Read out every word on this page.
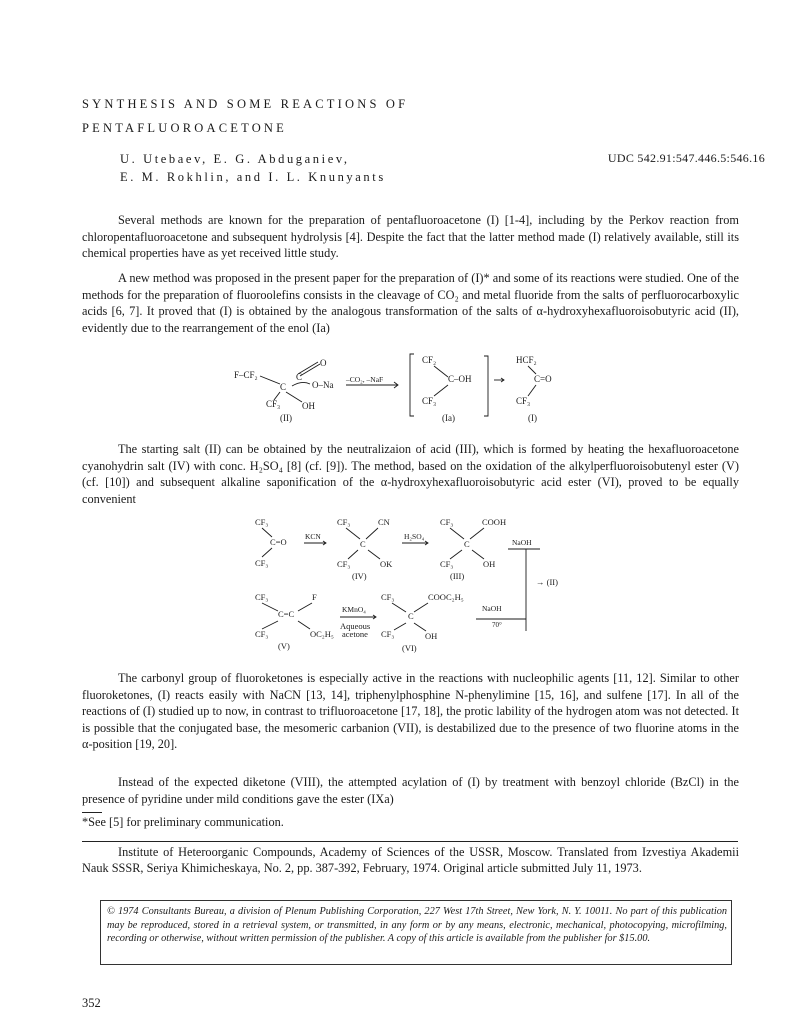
SYNTHESIS AND SOME REACTIONS OF
PENTAFLUOROACETONE
U. Utebaev, E. G. Abduganiev,
E. M. Rokhlin, and I. L. Knunyants
UDC 542.91:547.446.5:546.16

Several methods are known for the preparation of pentafluoroacetone (I) [1-4], including by the Perkov reaction from chloropentafluoroacetone and subsequent hydrolysis [4]. Despite the fact that the latter method made (I) relatively available, still its chemical properties have as yet received little study.

A new method was proposed in the present paper for the preparation of (I)* and some of its reactions were studied. One of the methods for the preparation of fluoroolefins consists in the cleavage of CO₂ and metal fluoride from the salts of perfluorocarboxylic acids [6, 7]. It proved that (I) is obtained by the analogous transformation of the salts of α-hydroxyhexafluoroisobutyric acid (II), evidently due to the rearrangement of the enol (Ia)

F–CF₂
O
C
C	O–Na
CF₃ OH
(II)
–CO₂, –NaF
CF₂
C–OH
CF₃
(Ia)
HCF₂
C=O
CF₃
(I)

The starting salt (II) can be obtained by the neutralizaion of acid (III), which is formed by heating the hexafluoroacetone cyanohydrin salt (IV) with conc. H₂SO₄ [8] (cf. [9]). The method, based on the oxidation of the alkylperfluoroisobutenyl ester (V) (cf. [10]) and subsequent alkaline saponification of the α-hydroxyhexafluoroisobutyric acid ester (VI), proved to be equally convenient

CF₃
C=O
CF₃
KCN
CF₃	CN
C
CF₃	OK
(IV)
H₂SO₄
CF₃	COOH
C
CF₃	OH
(III)
NaOH
→ (II)
CF₃	F
C=C
CF₃	OC₂H₅
(V)
KMnO₄
Aqueous
acetone
CF₃	COOC₂H₅
C
CF₃	OH
(VI)
NaOH
70°

The carbonyl group of fluoroketones is especially active in the reactions with nucleophilic agents [11, 12]. Similar to other fluoroketones, (I) reacts easily with NaCN [13, 14], triphenylphosphine N-phenylimine [15, 16], and sulfene [17]. In all of the reactions of (I) studied up to now, in contrast to trifluoroacetone [17, 18], the protic lability of the hydrogen atom was not detected. It is possible that the conjugated base, the mesomeric carbanion (VII), is destabilized due to the presence of two fluorine atoms in the α-position [19, 20].

Instead of the expected diketone (VIII), the attempted acylation of (I) by treatment with benzoyl chloride (BzCl) in the presence of pyridine under mild conditions gave the ester (IXa)

*See [5] for preliminary communication.

Institute of Heteroorganic Compounds, Academy of Sciences of the USSR, Moscow. Translated from Izvestiya Akademii Nauk SSSR, Seriya Khimicheskaya, No. 2, pp. 387-392, February, 1974. Original article submitted July 11, 1973.

© 1974 Consultants Bureau, a division of Plenum Publishing Corporation, 227 West 17th Street, New York, N. Y. 10011. No part of this publication may be reproduced, stored in a retrieval system, or transmitted, in any form or by any means, electronic, mechanical, photocopying, microfilming, recording or otherwise, without written permission of the publisher. A copy of this article is available from the publisher for $15.00.

352
